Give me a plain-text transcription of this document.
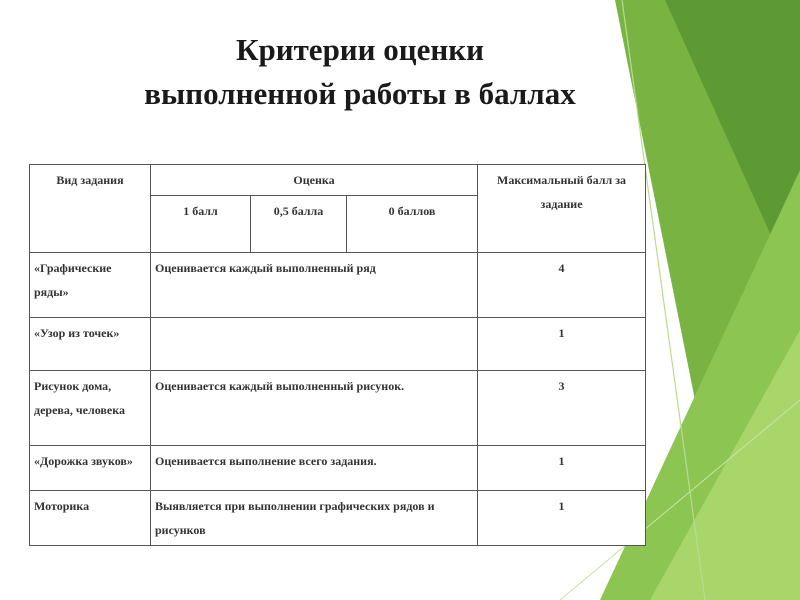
Критерии оценки
выполненной работы в баллах
Вид задания	Оценка			Максимальный балл за задание
	1 балл	0,5 балла	0 баллов	
«Графические ряды»	Оценивается каждый выполненный ряд			4
«Узор из точек»				1
Рисунок дома, дерева, человека	Оценивается каждый выполненный рисунок.			3
«Дорожка звуков»	Оценивается выполнение всего задания.			1
Моторика	Выявляется при выполнении графических рядов и рисунков			1
